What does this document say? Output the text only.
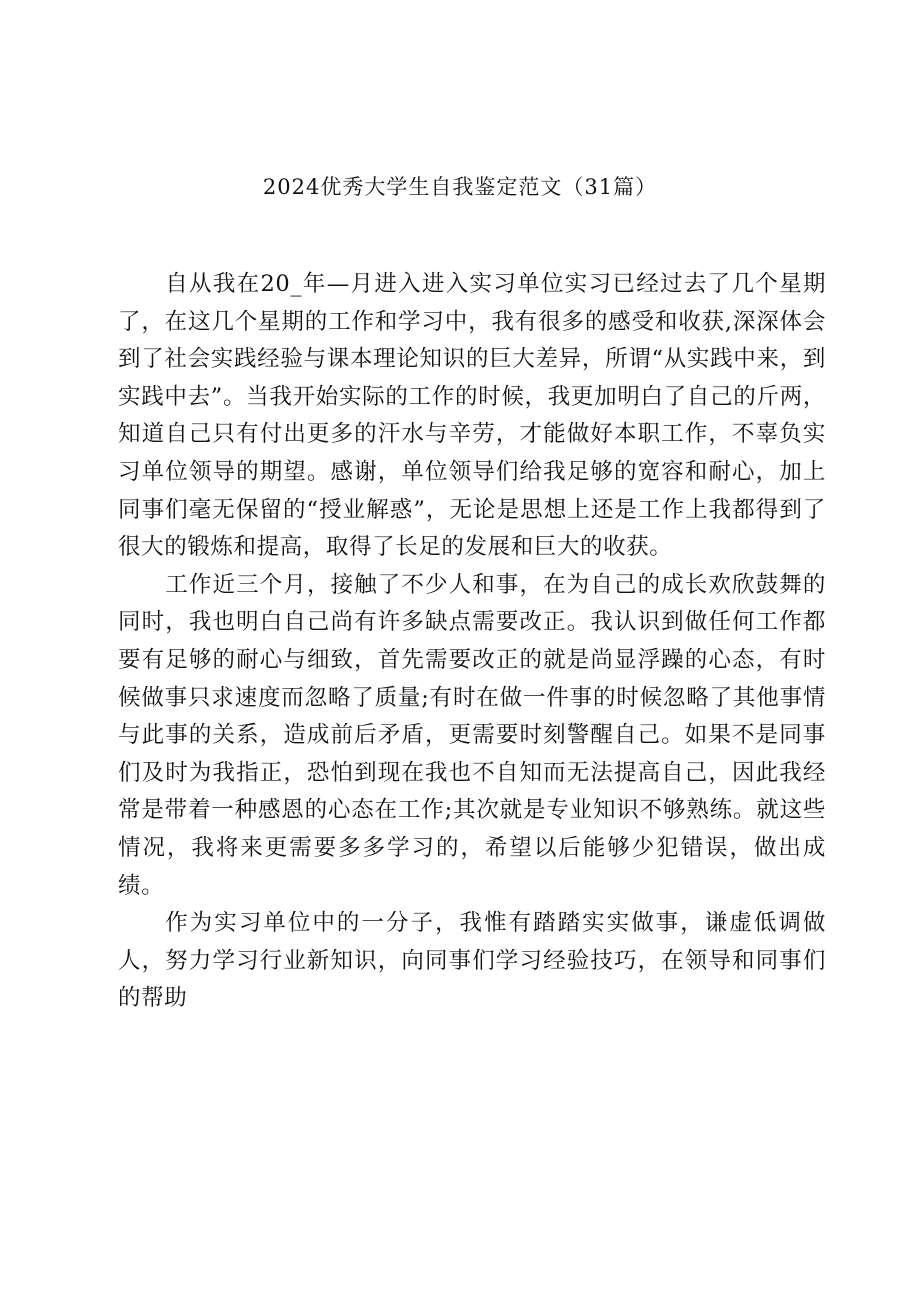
2024优秀大学生自我鉴定范文（31篇）

自从我在20_年—月进入进入实习单位实习已经过去了几个星期了，在这几个星期的工作和学习中，我有很多的感受和收获,深深体会到了社会实践经验与课本理论知识的巨大差异，所谓“从实践中来，到实践中去”。当我开始实际的工作的时候，我更加明白了自己的斤两，知道自己只有付出更多的汗水与辛劳，才能做好本职工作，不辜负实习单位领导的期望。感谢，单位领导们给我足够的宽容和耐心，加上同事们毫无保留的“授业解惑”，无论是思想上还是工作上我都得到了很大的锻炼和提高，取得了长足的发展和巨大的收获。

工作近三个月，接触了不少人和事，在为自己的成长欢欣鼓舞的同时，我也明白自己尚有许多缺点需要改正。我认识到做任何工作都要有足够的耐心与细致，首先需要改正的就是尚显浮躁的心态，有时候做事只求速度而忽略了质量;有时在做一件事的时候忽略了其他事情与此事的关系，造成前后矛盾，更需要时刻警醒自己。如果不是同事们及时为我指正，恐怕到现在我也不自知而无法提高自己，因此我经常是带着一种感恩的心态在工作;其次就是专业知识不够熟练。就这些情况，我将来更需要多多学习的，希望以后能够少犯错误，做出成绩。

作为实习单位中的一分子，我惟有踏踏实实做事，谦虚低调做人，努力学习行业新知识，向同事们学习经验技巧，在领导和同事们的帮助
